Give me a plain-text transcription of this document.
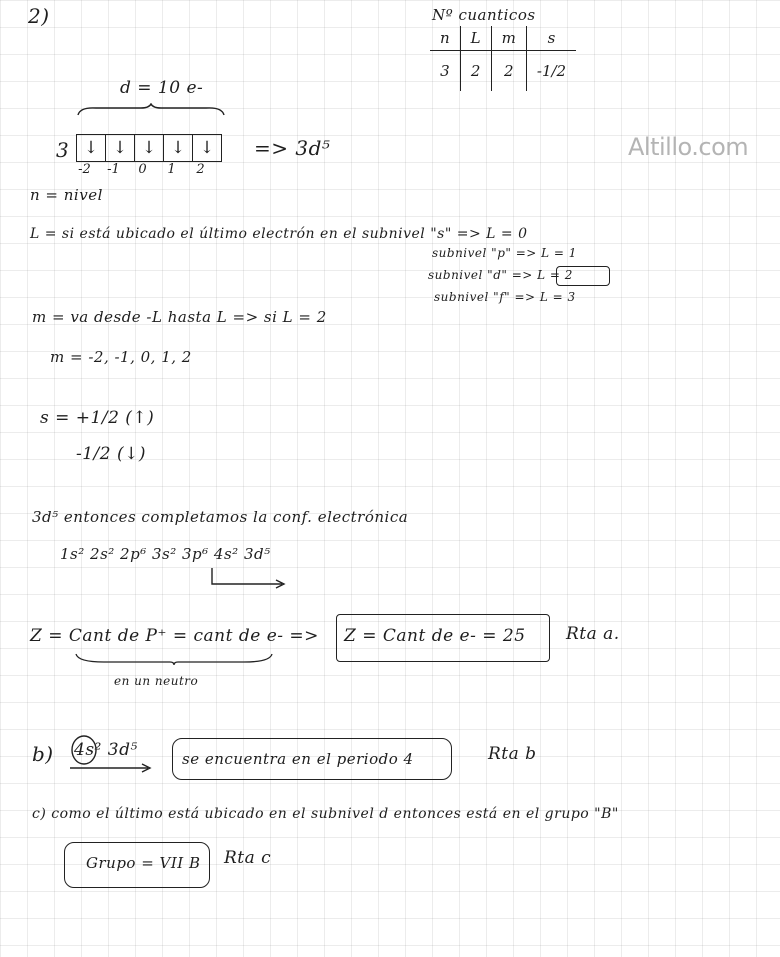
Altillo.com
2)	Nº cuanticos
n	L	m	s
3	2	2	-1/2
d = 10 e-
3 ↓ ↓ ↓ ↓ ↓
-2	-1	0	1	2
=> 3d⁵
n = nivel
L = si está ubicado el último electrón en el subnivel "s" => L = 0
subnivel "p" => L = 1
subnivel "d" => L = 2
subnivel "f" => L = 3
m = va desde -L hasta L => si L = 2
m = -2, -1, 0, 1, 2
s = +1/2 (↑)
-1/2 (↓)
3d⁵ entonces completamos la conf. electrónica
1s² 2s² 2p⁶ 3s² 3p⁶ 4s² 3d⁵
Z = Cant de P⁺ = cant de e- =>
en un neutro
Z = Cant de e- = 25 Rta a.
b) 4s² 3d⁵	se encuentra en el periodo 4	Rta b
c) como el último está ubicado en el subnivel d entonces está en el grupo "B"
Grupo = VII B Rta c
